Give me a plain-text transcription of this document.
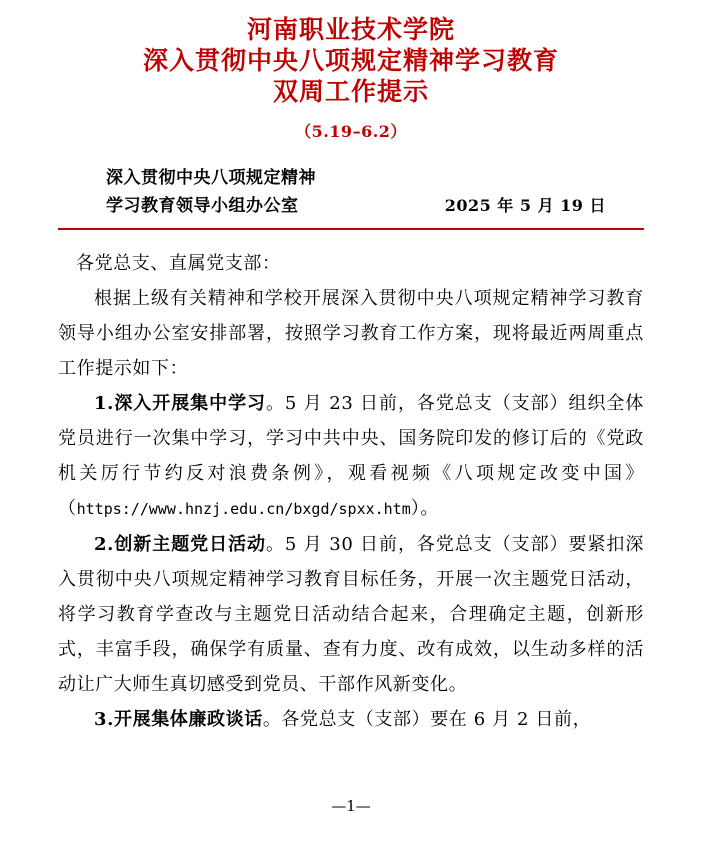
河南职业技术学院
深入贯彻中央八项规定精神学习教育
双周工作提示
（5.19–6.2）
深入贯彻中央八项规定精神
学习教育领导小组办公室	2025 年 5 月 19 日

各党总支、直属党支部：

根据上级有关精神和学校开展深入贯彻中央八项规定精神学习教育领导小组办公室安排部署，按照学习教育工作方案，现将最近两周重点工作提示如下：

1.深入开展集中学习。5 月 23 日前，各党总支（支部）组织全体党员进行一次集中学习，学习中共中央、国务院印发的修订后的《党政机关厉行节约反对浪费条例》，观看视频《八项规定改变中国》（https://www.hnzj.edu.cn/bxgd/spxx.htm）。

2.创新主题党日活动。5 月 30 日前，各党总支（支部）要紧扣深入贯彻中央八项规定精神学习教育目标任务，开展一次主题党日活动，将学习教育学查改与主题党日活动结合起来，合理确定主题，创新形式，丰富手段，确保学有质量、查有力度、改有成效，以生动多样的活动让广大师生真切感受到党员、干部作风新变化。

3.开展集体廉政谈话。各党总支（支部）要在 6 月 2 日前，

—1—
